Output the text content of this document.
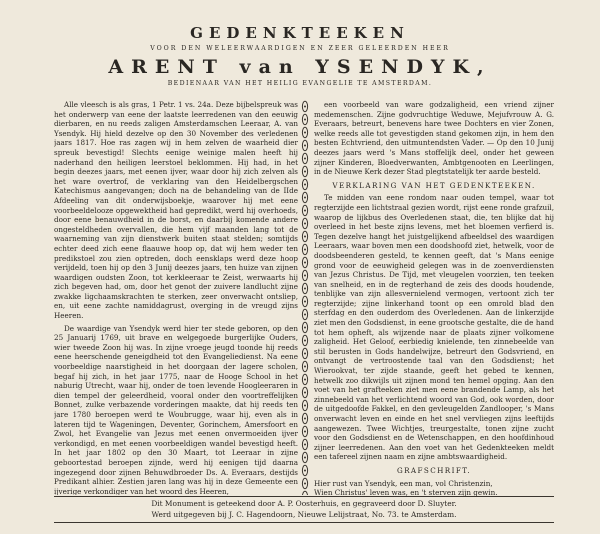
GEDENKTEEKEN
VOOR DEN WELEERWAARDIGEN EN ZEER GELEERDEN HEER
ARENT van YSENDYK,
BEDIENAAR VAN HET HEILIG EVANGELIE TE AMSTERDAM.

Alle vleesch is als gras, 1 Petr. 1 vs. 24a. Deze bijbelspreuk was het onderwerp van eene der laatste leerredenen van den eeuwig dierbaren, en nu reeds zaligen Amsterdamschen Leeraar, A. van Ysendyk. Hij hield dezelve op den 30 November des verledenen jaars 1817. Hoe ras zagen wij in hem zelven de waarheid dier spreuk bevestigd! Slechts eenige weinige malen heeft hij naderhand den heiligen leerstoel beklommen. Hij had, in het begin deezes jaars, met eenen ijver, waar door hij zich zelven als het ware overtrof, de verklaring van den Heidelbergschen Katechismus aangevangen; doch na de behandeling van de IIde Afdeeling van dit onderwijsboekje, waarover hij met eene voorbeeldelooze opgewektheid had gepredikt, werd hij overhoeds, door eene benauwdheid in de borst, en daarbij komende andere ongesteldheden overvallen, die hem vijf maanden lang tot de waarneming van zijn dienstwerk buiten staat stelden; somtijds echter deed zich eene flaauwe hoop op, dat wij hem weder ten predikstoel zou zien optreden, doch eensklaps werd deze hoop verijdeld, toen hij op den 3 Junij deezes jaars, ten huize van zijnen waardigen oudsten Zoon, tot kerkleeraar te Zeist, werwaarts hij zich begeven had, om, door het genot der zuivere landlucht zijne zwakke ligchaamskrachten te sterken, zeer onverwacht ontsliep, en, uit eene zachte namiddagrust, overging in de vreugd zijns Heeren.

De waardige van Ysendyk werd hier ter stede geboren, op den 25 Januarij 1769, uit brave en welgegoede burgerlijke Ouders, wier tweede Zoon hij was. In zijne vroege jeugd toonde hij reeds eene heerschende geneigdheid tot den Evangeliedienst. Na eene voorbeeldige naarstigheid in het doorgaan der lagere scholen, begaf hij zich, in het jaar 1775, naar de Hooge School in het naburig Utrecht, waar hij, onder de toen levende Hoogleeraren in dien tempel der geleerdheid, vooral onder den voortreffelijken Bonnet, zulke verbazende vorderingen maakte, dat hij reeds ten jare 1780 beroepen werd te Woubrugge, waar hij, even als in lateren tijd te Wageningen, Deventer, Gorinchem, Amersfoort en Zwol, het Evangelie van Jezus met eenen onvermoeiden ijver verkondigd, en met eenen voorbeeldigen wandel bevestigd heeft. In het jaar 1802 op den 30 Maart, tot Leeraar in zijne geboortestad beroepen zijnde, werd hij eenigen tijd daarna ingezegend door zijnen Behuwdbroeder Ds. A. Everaars, destijds Predikant alhier. Zestien jaren lang was hij in deze Gemeente een ijverige verkondiger van het woord des Heeren,

een voorbeeld van ware godzaligheid, een vriend zijner medemenschen. Zijne godvruchtige Weduwe, Mejufvrouw A. G. Everaars, betreurt, benevens hare twee Dochters en vier Zonen, welke reeds alle tot gevestigden stand gekomen zijn, in hem den besten Echtvriend, den uitmuntendsten Vader. — Op den 10 Junij deezes jaars werd 's Mans stoffelijk deel, onder het geween zijner Kinderen, Bloedverwanten, Ambtgenooten en Leerlingen, in de Nieuwe Kerk dezer Stad plegtstatelijk ter aarde besteld.

VERKLARING VAN HET GEDENKTEEKEN.

Te midden van eene rondom naar ouden tempel, waar tot regterzijde een lichtstraal gezien wordt, rijst eene ronde grafzuil, waarop de lijkbus des Overledenen staat, die, ten blijke dat hij overleed in het beste zijns levens, met het bloemen verfierd is. Tegen dezelve hangt het juistgelijkend afbeeldsel des waardigen Leeraars, waar boven men een doodshoofd ziet, hetwelk, voor de doodsbeenderen gesteld, te kennen geeft, dat 's Mans eenige grond voor de eeuwigheid gelegen was in de zoenverdiensten van Jezus Christus. De Tijd, met vleugelen voorzien, ten teeken van snelheid, en in de regterhand de zeis des doods houdende, tenblijke van zijn allesvernielend vermogen, vertoont zich ter regterzijde; zijne linkerhand toont op een omrold blad den sterfdag en den ouderdom des Overledenen. Aan de linkerzijde ziet men den Godsdienst, in eene grootsche gestalte, die de hand tot hem opheft, als wijzende naar de plaats zijner volkomene zaligheid. Het Geloof, eerbiedig knielende, ten zinnebeelde van stil berusten in Gods handelwijze, betreurt den Godsvriend, en ontvangt de vertroostende taal van den Godsdienst; het Wierookvat, ter zijde staande, geeft het gebed te kennen, hetwelk zoo dikwijls uit zijnen mond ten hemel opging. Aan den voet van het grafteeken ziet men eene brandende Lamp, als het zinnebeeld van het verlichtend woord van God, ook worden, door de uitgedoofde Fakkel, en den gevleugelden Zandlooper, 's Mans onverwacht leven en einde en het snel vervliegen zijns leeftijds aangewezen. Twee Wichtjes, treurgestalte, tonen zijne zucht voor den Godsdienst en de Wetenschappen, en den hoofdinhoud zijner leerredenen. Aan den voet van het Gedenkteeken meldt een tafereel zijnen naam en zijne ambtswaardigheid.

GRAFSCHRIFT.
Hier rust van Ysendyk, een man, vol Christenzin,
Wien Christus' leven was, en 't sterven zijn gewin.
Dit Monument is geteekend door A. P. Oosterhuis, en gegraveerd door D. Sluyter.
Werd uitgegeven bij J. C. Hagendoorn, Nieuwe Lelijstraat, No. 73. te Amsterdam.
